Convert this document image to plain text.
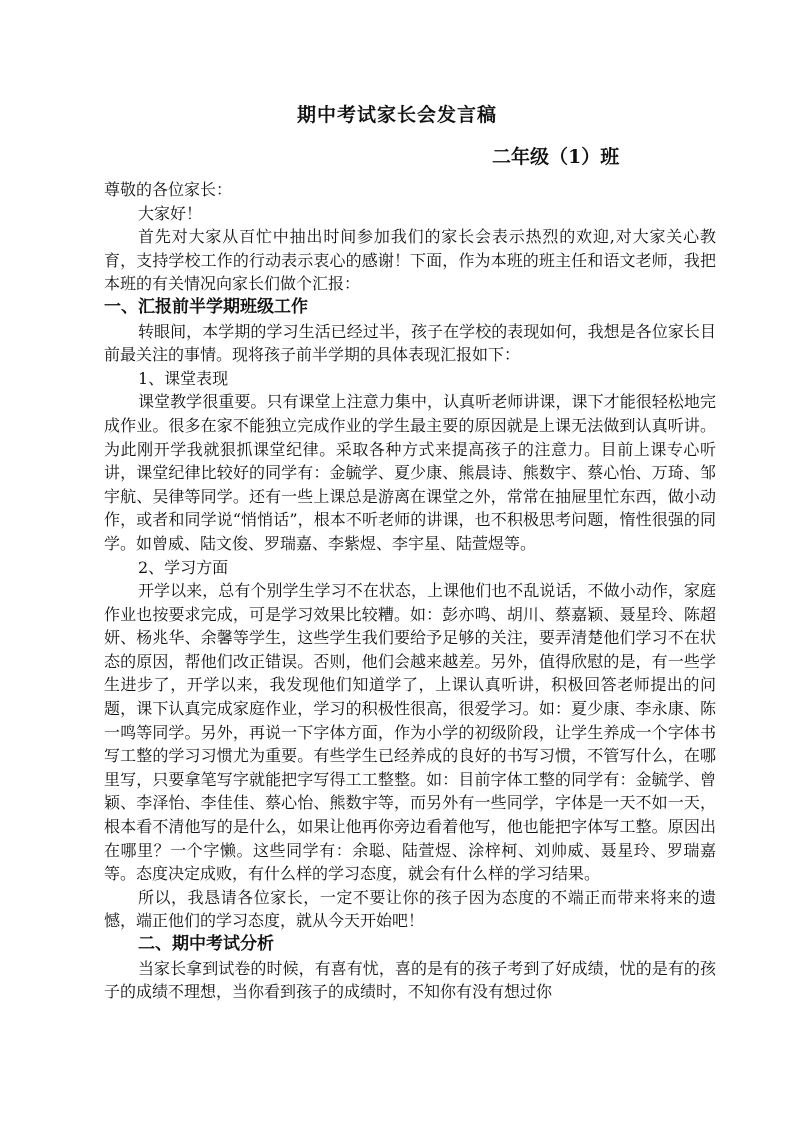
期中考试家长会发言稿
二年级（1）班

尊敬的各位家长：

大家好！

首先对大家从百忙中抽出时间参加我们的家长会表示热烈的欢迎,对大家关心教育，支持学校工作的行动表示衷心的感谢！下面，作为本班的班主任和语文老师，我把本班的有关情况向家长们做个汇报：

一、汇报前半学期班级工作

转眼间，本学期的学习生活已经过半，孩子在学校的表现如何，我想是各位家长目前最关注的事情。现将孩子前半学期的具体表现汇报如下：

1、课堂表现

课堂教学很重要。只有课堂上注意力集中，认真听老师讲课，课下才能很轻松地完成作业。很多在家不能独立完成作业的学生最主要的原因就是上课无法做到认真听讲。为此刚开学我就狠抓课堂纪律。采取各种方式来提高孩子的注意力。目前上课专心听讲，课堂纪律比较好的同学有：金毓学、夏少康、熊晨诗、熊数宇、蔡心怡、万琦、邹宇航、吴律等同学。还有一些上课总是游离在课堂之外，常常在抽屉里忙东西，做小动作，或者和同学说“悄悄话”，根本不听老师的讲课，也不积极思考问题，惰性很强的同学。如曾威、陆文俊、罗瑞嘉、李紫煜、李宇星、陆萱煜等。

2、学习方面

开学以来，总有个别学生学习不在状态，上课他们也不乱说话，不做小动作，家庭作业也按要求完成，可是学习效果比较糟。如：彭亦鸣、胡川、蔡嘉颖、聂星玲、陈超妍、杨兆华、余馨等学生，这些学生我们要给予足够的关注，要弄清楚他们学习不在状态的原因，帮他们改正错误。否则，他们会越来越差。另外，值得欣慰的是，有一些学生进步了，开学以来，我发现他们知道学了，上课认真听讲，积极回答老师提出的问题，课下认真完成家庭作业，学习的积极性很高，很爱学习。如：夏少康、李永康、陈一鸣等同学。另外，再说一下字体方面，作为小学的初级阶段，让学生养成一个字体书写工整的学习习惯尤为重要。有些学生已经养成的良好的书写习惯，不管写什么，在哪里写，只要拿笔写字就能把字写得工工整整。如：目前字体工整的同学有：金毓学、曾颖、李泽怡、李佳佳、蔡心怡、熊数宇等，而另外有一些同学，字体是一天不如一天，根本看不清他写的是什么，如果让他再你旁边看着他写，他也能把字体写工整。原因出在哪里？一个字懒。这些同学有：余聪、陆萱煜、涂梓柯、刘帅威、聂星玲、罗瑞嘉等。态度决定成败，有什么样的学习态度，就会有什么样的学习结果。

所以，我恳请各位家长，一定不要让你的孩子因为态度的不端正而带来将来的遗憾，端正他们的学习态度，就从今天开始吧！

二、期中考试分析

当家长拿到试卷的时候，有喜有忧，喜的是有的孩子考到了好成绩，忧的是有的孩子的成绩不理想，当你看到孩子的成绩时，不知你有没有想过你
